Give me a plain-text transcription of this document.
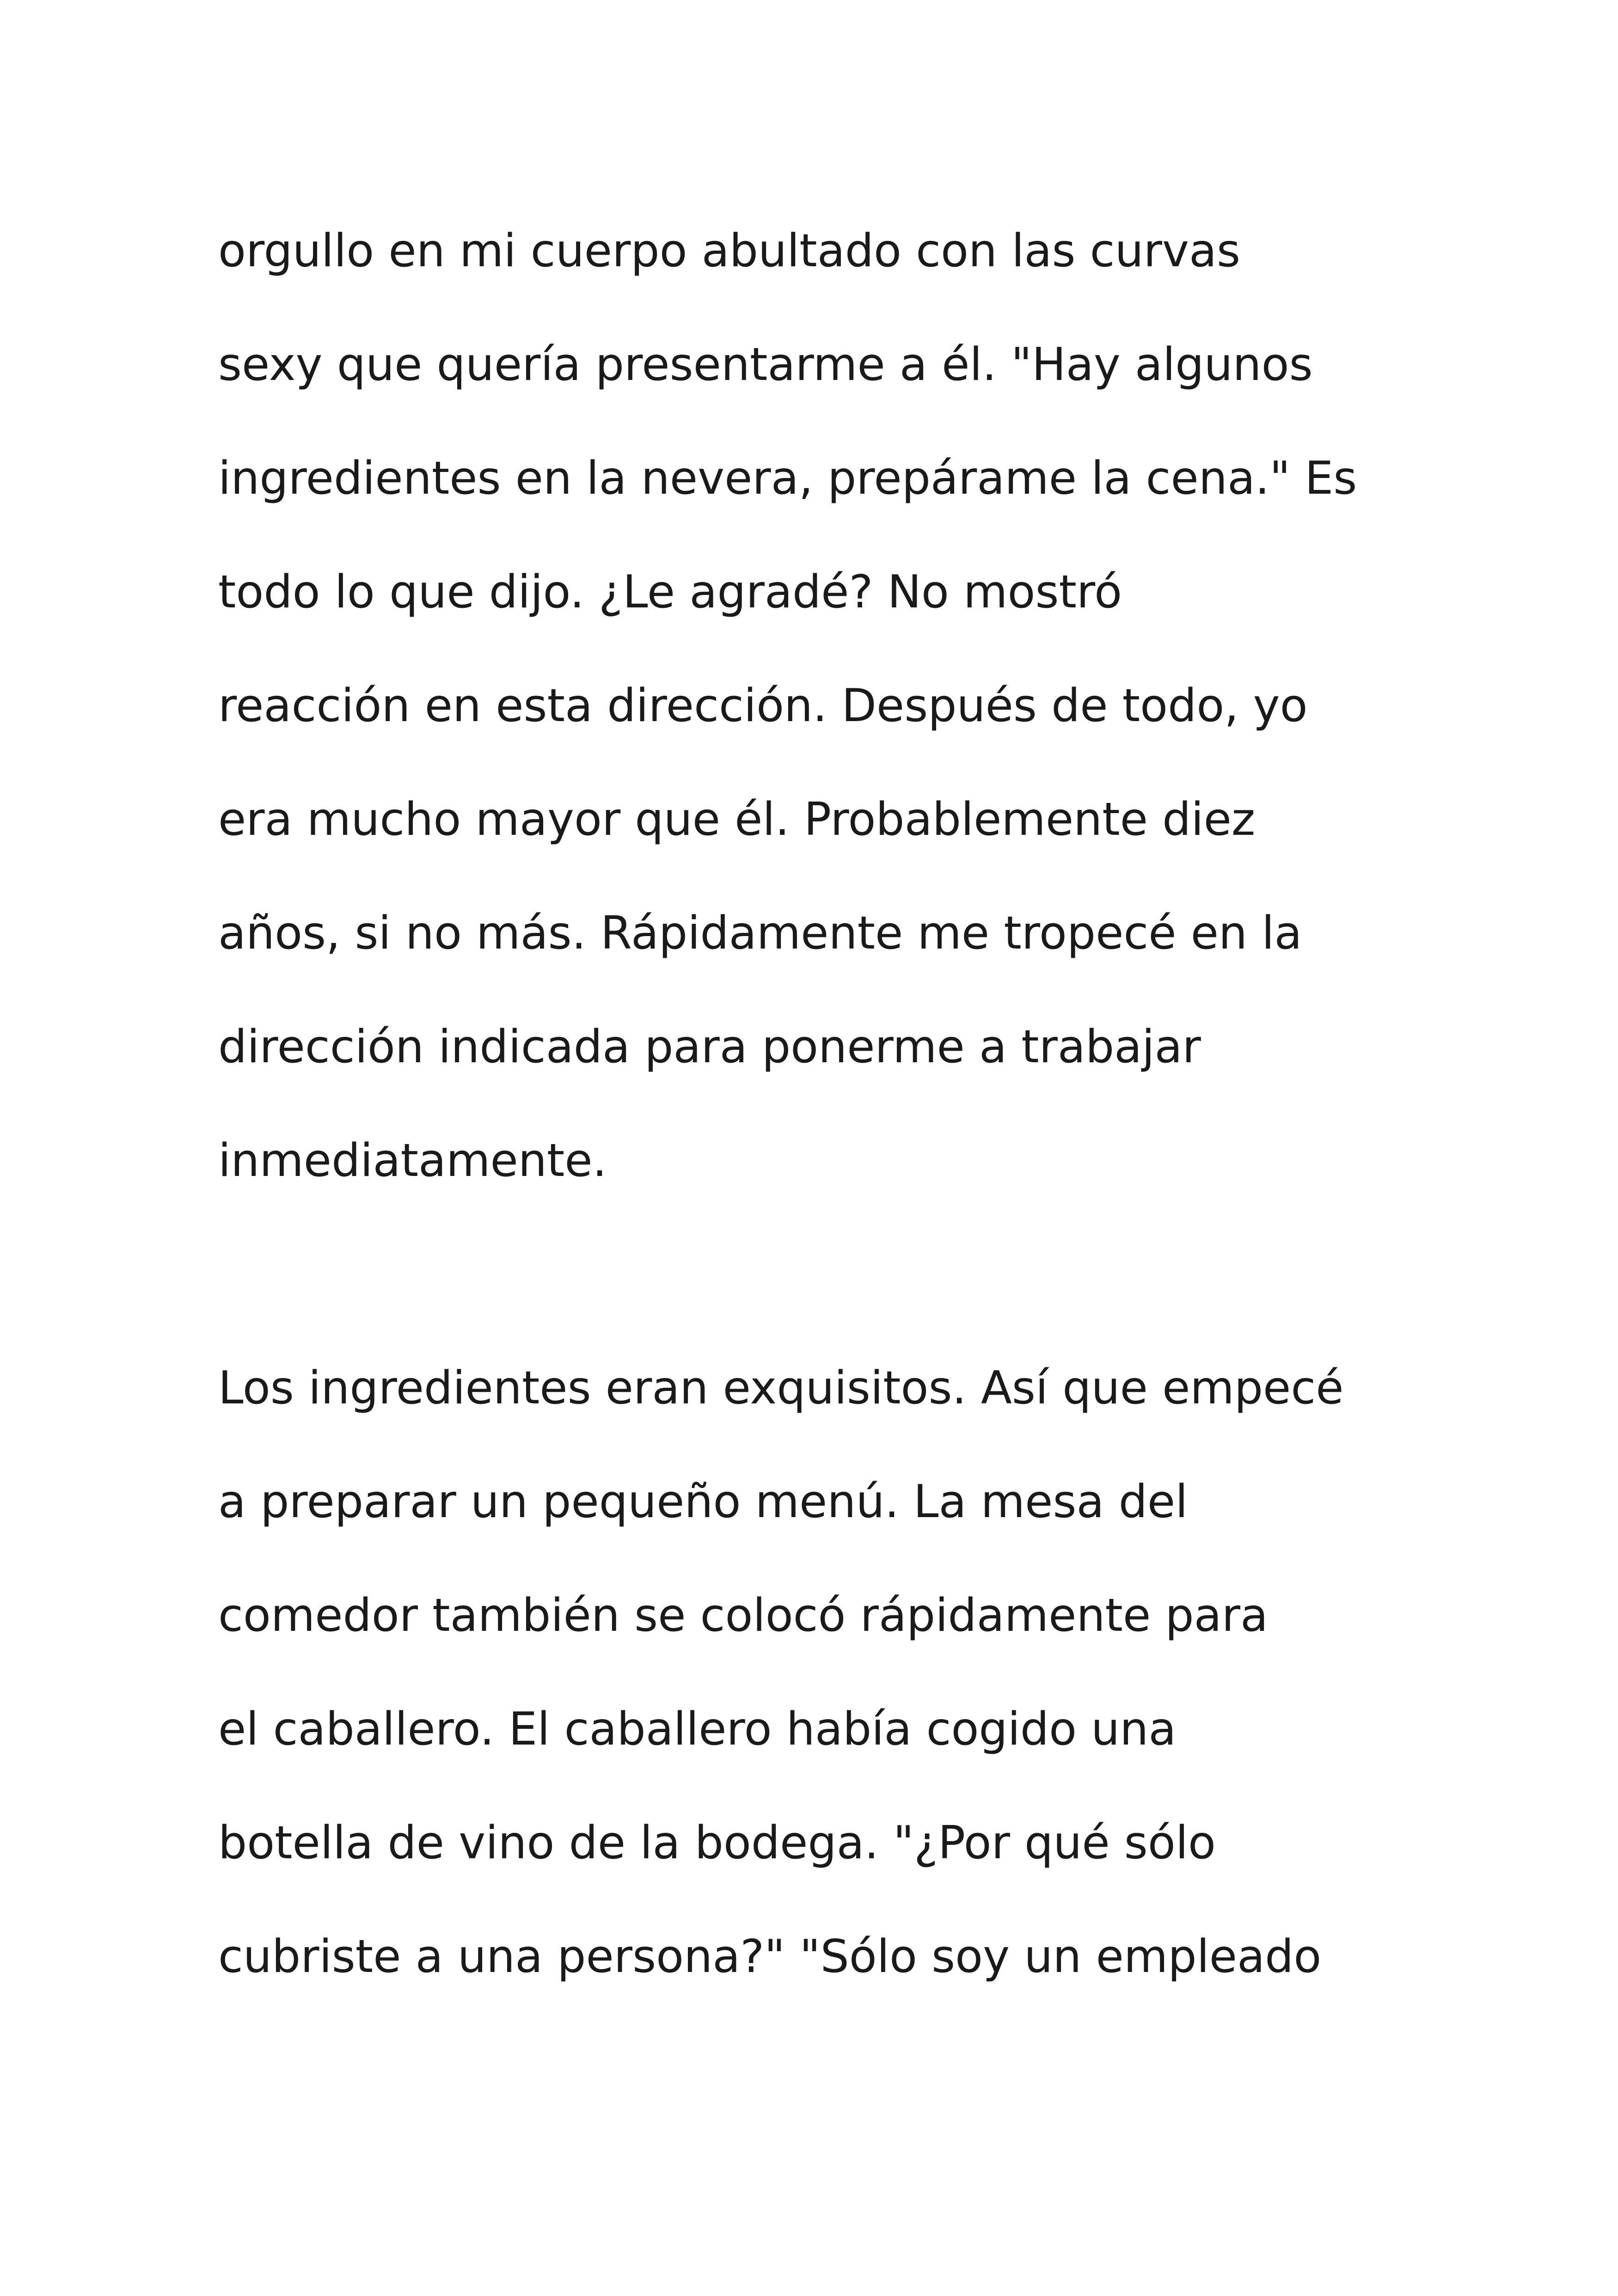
orgullo en mi cuerpo abultado con las curvas
sexy que quería presentarme a él. "Hay algunos
ingredientes en la nevera, prepárame la cena." Es
todo lo que dijo. ¿Le agradé? No mostró
reacción en esta dirección. Después de todo, yo
era mucho mayor que él. Probablemente diez
años, si no más. Rápidamente me tropecé en la
dirección indicada para ponerme a trabajar
inmediatamente.
Los ingredientes eran exquisitos. Así que empecé
a preparar un pequeño menú. La mesa del
comedor también se colocó rápidamente para
el caballero. El caballero había cogido una
botella de vino de la bodega. "¿Por qué sólo
cubriste a una persona?" "Sólo soy un empleado
